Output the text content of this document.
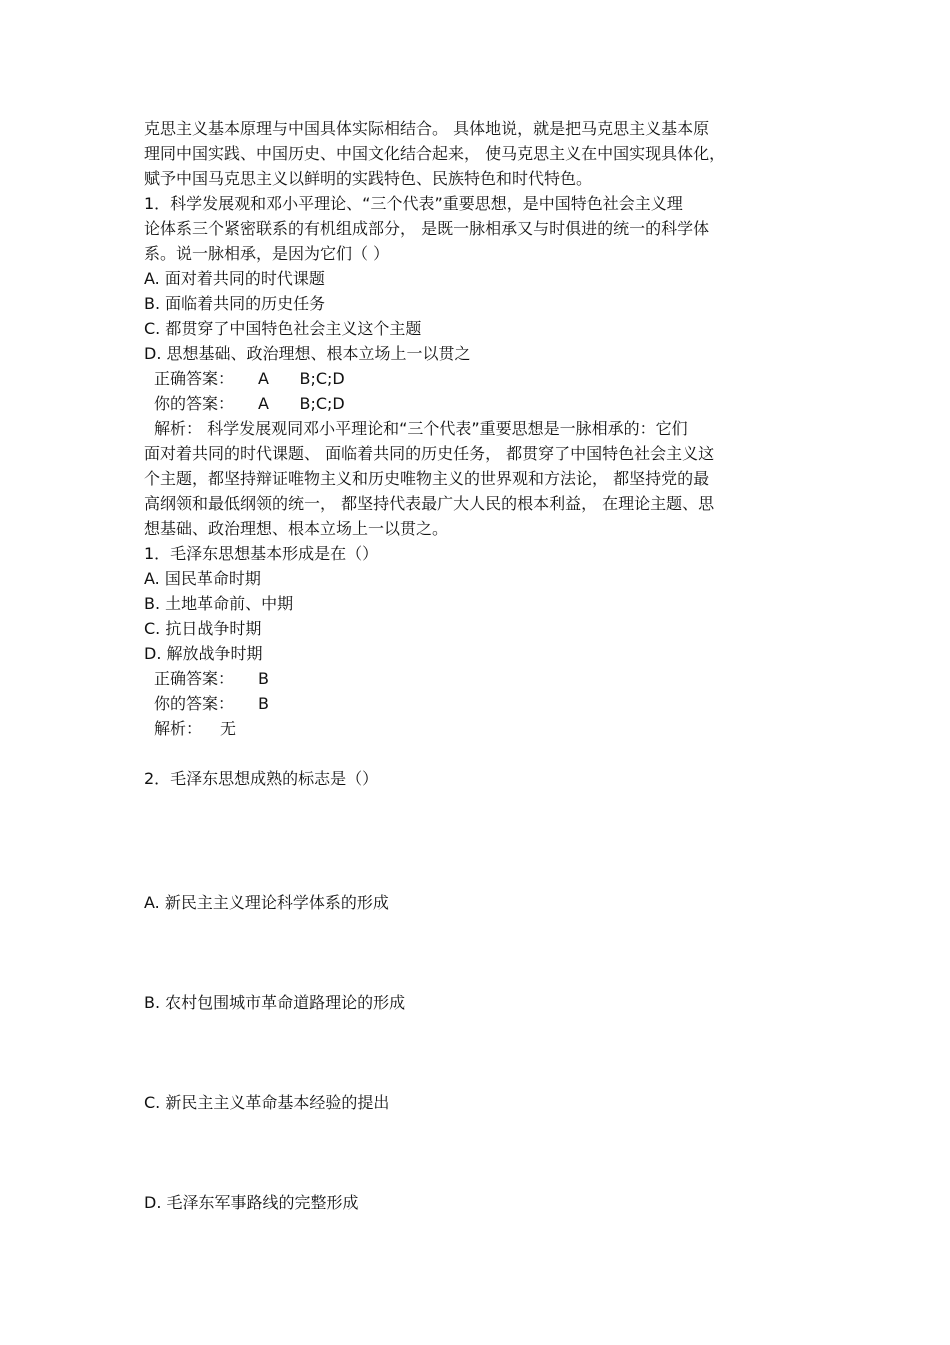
克思主义基本原理与中国具体实际相结合。 具体地说，就是把马克思主义基本原
理同中国实践、中国历史、中国文化结合起来， 使马克思主义在中国实现具体化，
赋予中国马克思主义以鲜明的实践特色、民族特色和时代特色。
1．科学发展观和邓小平理论、“三个代表”重要思想，是中国特色社会主义理
论体系三个紧密联系的有机组成部分， 是既一脉相承又与时俱进的统一的科学体
系。说一脉相承，是因为它们（ ）
A. 面对着共同的时代课题
B. 面临着共同的历史任务
C. 都贯穿了中国特色社会主义这个主题
D. 思想基础、政治理想、根本立场上一以贯之
正确答案： A      B;C;D
你的答案： A      B;C;D
解析： 科学发展观同邓小平理论和“三个代表”重要思想是一脉相承的：它们
面对着共同的时代课题、 面临着共同的历史任务， 都贯穿了中国特色社会主义这
个主题，都坚持辩证唯物主义和历史唯物主义的世界观和方法论， 都坚持党的最
高纲领和最低纲领的统一， 都坚持代表最广大人民的根本利益， 在理论主题、思
想基础、政治理想、根本立场上一以贯之。
1．毛泽东思想基本形成是在（）
A. 国民革命时期
B. 土地革命前、中期
C. 抗日战争时期
D. 解放战争时期
正确答案： B
你的答案： B
解析： 无
2．毛泽东思想成熟的标志是（）
A. 新民主主义理论科学体系的形成
B. 农村包围城市革命道路理论的形成
C. 新民主主义革命基本经验的提出
D. 毛泽东军事路线的完整形成
